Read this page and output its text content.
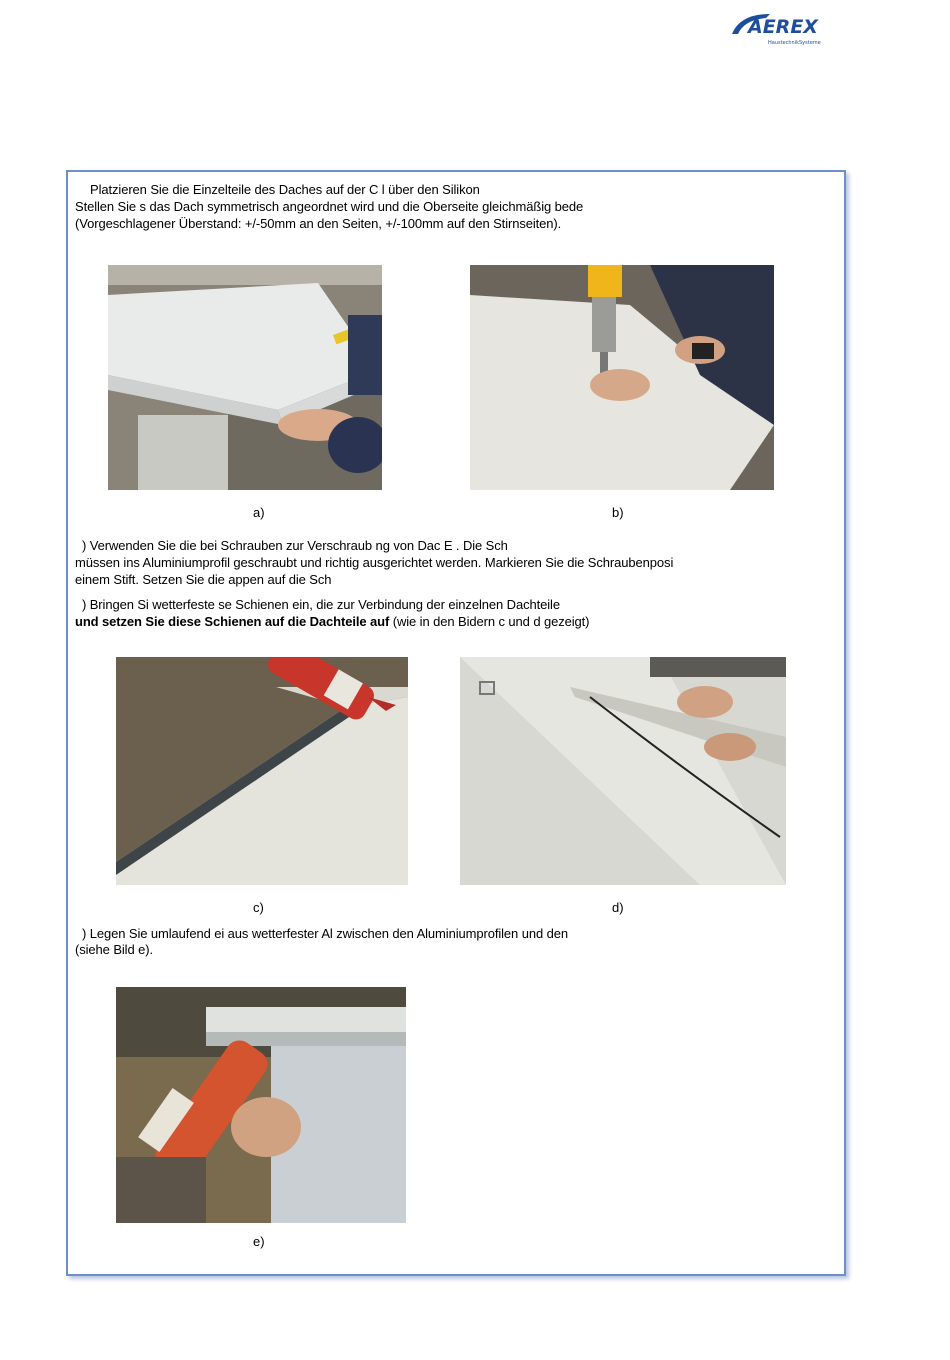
AEREX
HaustechnikSysteme
Platzieren Sie die Einzelteile des Daches auf der C l über den Silikon
Stellen Sie s das Dach symmetrisch angeordnet wird und die Oberseite gleichmäßig bede
(Vorgeschlagener Überstand: +/-50mm an den Seiten, +/-100mm auf den Stirnseiten).
a)	b)
) Verwenden Sie die bei Schrauben zur Verschraub ng von Dac E . Die Sch
müssen ins Aluminiumprofil geschraubt und richtig ausgerichtet werden. Markieren Sie die Schraubenposi
einem Stift. Setzen Sie die appen auf die Sch
) Bringen Si wetterfeste se Schienen ein, die zur Verbindung der einzelnen Dachteile
und setzen Sie diese Schienen auf die Dachteile auf (wie in den Bidern c und d gezeigt)
c)	d)
) Legen Sie umlaufend ei aus wetterfester Al zwischen den Aluminiumprofilen und den
(siehe Bild e).
e)
